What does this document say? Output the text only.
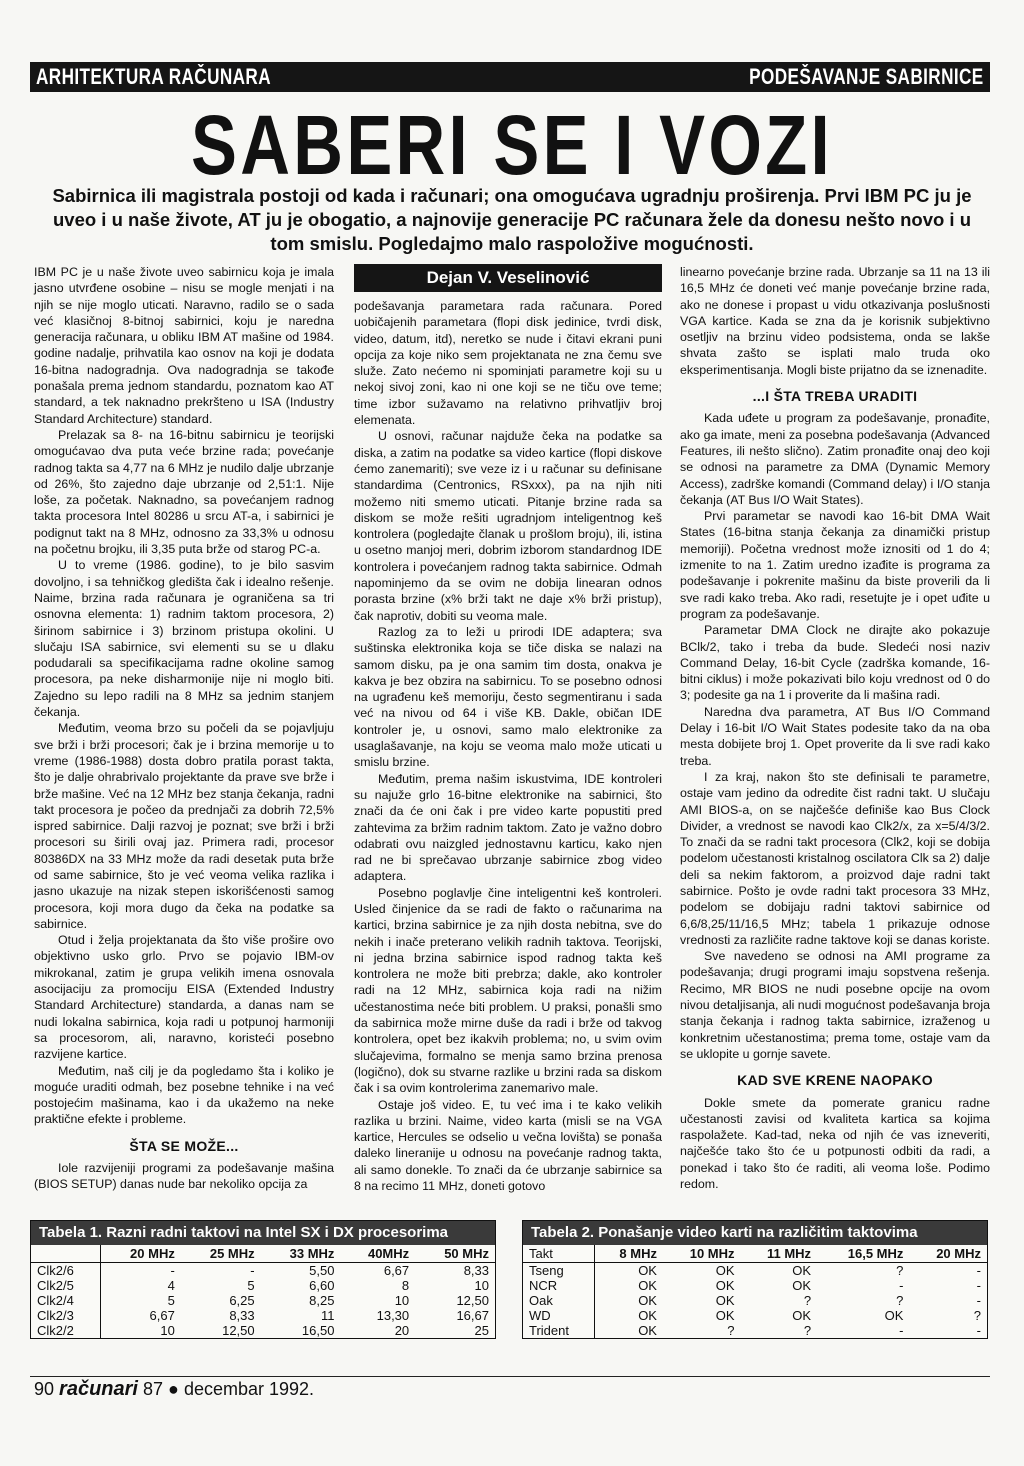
ARHITEKTURA RAČUNARA	PODEŠAVANJE SABIRNICE
SABERI SE I VOZI
Sabirnica ili magistrala postoji od kada i računari; ona omogućava ugradnju proširenja. Prvi IBM PC ju je uveo i u naše živote, AT ju je obogatio, a najnovije generacije PC računara žele da donesu nešto novo i u tom smislu. Pogledajmo malo raspoložive mogućnosti.

IBM PC je u naše živote uveo sabirnicu koja je imala jasno utvrđene osobine – nisu se mogle menjati i na njih se nije moglo uticati. Naravno, radilo se o sada već klasičnoj 8-bitnoj sabirnici, koju je naredna generacija računara, u obliku IBM AT mašine od 1984. godine nadalje, prihvatila kao osnov na koji je dodata 16-bitna nadogradnja. Ova nadogradnja se takođe ponašala prema jednom standardu, poznatom kao AT standard, a tek naknadno prekršteno u ISA (Industry Standard Architecture) standard.

Prelazak sa 8- na 16-bitnu sabirnicu je teorijski omogućavao dva puta veće brzine rada; povećanje radnog takta sa 4,77 na 6 MHz je nudilo dalje ubrzanje od 26%, što zajedno daje ubrzanje od 2,51:1. Nije loše, za početak. Naknadno, sa povećanjem radnog takta procesora Intel 80286 u srcu AT-a, i sabirnici je podignut takt na 8 MHz, odnosno za 33,3% u odnosu na početnu brojku, ili 3,35 puta brže od starog PC-a.

U to vreme (1986. godine), to je bilo sasvim dovoljno, i sa tehničkog gledišta čak i idealno rešenje. Naime, brzina rada računara je ograničena sa tri osnovna elementa: 1) radnim taktom procesora, 2) širinom sabirnice i 3) brzinom pristupa okolini. U slučaju ISA sabirnice, svi elementi su se u dlaku podudarali sa specifikacijama radne okoline samog procesora, pa neke disharmonije nije ni moglo biti. Zajedno su lepo radili na 8 MHz sa jednim stanjem čekanja.

Međutim, veoma brzo su počeli da se pojavljuju sve brži i brži procesori; čak je i brzina memorije u to vreme (1986-1988) dosta dobro pratila porast takta, što je dalje ohrabrivalo projektante da prave sve brže i brže mašine. Već na 12 MHz bez stanja čekanja, radni takt procesora je počeo da prednjači za dobrih 72,5% ispred sabirnice. Dalji razvoj je poznat; sve brži i brži procesori su širili ovaj jaz. Primera radi, procesor 80386DX na 33 MHz može da radi desetak puta brže od same sabirnice, što je već veoma velika razlika i jasno ukazuje na nizak stepen iskorišćenosti samog procesora, koji mora dugo da čeka na podatke sa sabirnice.

Otud i želja projektanata da što više proširе ovo objektivno usko grlo. Prvo se pojavio IBM-ov mikrokanal, zatim je grupa velikih imena osnovala asocijaciju za promociju EISA (Extended Industry Standard Architecture) standarda, a danas nam se nudi lokalna sabirnica, koja radi u potpunoj harmoniji sa procesorom, ali, naravno, koristeći posebno razvijene kartice.

Međutim, naš cilj je da pogledamo šta i koliko je moguće uraditi odmah, bez posebne tehnike i na već postojećim mašinama, kao i da ukažemo na neke praktične efekte i probleme.

ŠTA SE MOŽE...

Iole razvijeniji programi za podešavanje mašina (BIOS SETUP) danas nude bar nekoliko opcija za

Dejan V. Veselinović

podešavanja parametara rada računara. Pored uobičajenih parametara (flopi disk jedinice, tvrdi disk, video, datum, itd), neretko se nude i čitavi ekrani puni opcija za koje niko sem projektanata ne zna čemu sve služe. Zato nećemo ni spominjati parametre koji su u nekoj sivoj zoni, kao ni one koji se ne tiču ove teme; time izbor sužavamo na relativno prihvatljiv broj elemenata.

U osnovi, računar najduže čeka na podatke sa diska, a zatim na podatke sa video kartice (flopi diskove ćemo zanemariti); sve veze iz i u računar su definisane standardima (Centronics, RSxxx), pa na njih niti možemo niti smemo uticati. Pitanje brzine rada sa diskom se može rešiti ugradnjom inteligentnog keš kontrolera (pogledajte članak u prošlom broju), ili, istina u osetno manjoj meri, dobrim izborom standardnog IDE kontrolera i povećanjem radnog takta sabirnice. Odmah napominjemo da se ovim ne dobija linearan odnos porasta brzine (x% brži takt ne daje x% brži pristup), čak naprotiv, dobiti su veoma male.

Razlog za to leži u prirodi IDE adaptera; sva suštinska elektronika koja se tiče diska se nalazi na samom disku, pa je ona samim tim dosta, onakva je kakva je bez obzira na sabirnicu. To se posebno odnosi na ugrađenu keš memoriju, često segmentiranu i sada već na nivou od 64 i više KB. Dakle, običan IDE kontroler je, u osnovi, samo malo elektronike za usaglašavanje, na koju se veoma malo može uticati u smislu brzine.

Međutim, prema našim iskustvima, IDE kontroleri su najuže grlo 16-bitne elektronike na sabirnici, što znači da će oni čak i pre video karte popustiti pred zahtevima za bržim radnim taktom. Zato je važno dobro odabrati ovu naizgled jednostavnu karticu, kako njen rad ne bi sprečavao ubrzanje sabirnice zbog video adaptera.

Posebno poglavlje čine inteligentni keš kontroleri. Usled činjenice da se radi de fakto o računarima na kartici, brzina sabirnice je za njih dosta nebitna, sve do nekih i inače preterano velikih radnih taktova. Teorijski, ni jedna brzina sabirnice ispod radnog takta keš kontrolera ne može biti prebrza; dakle, ako kontroler radi na 12 MHz, sabirnica koja radi na nižim učestanostima neće biti problem. U praksi, ponašli smo da sabirnica može mirne duše da radi i brže od takvog kontrolera, opet bez ikakvih problema; no, u svim ovim slučajevima, formalno se menja samo brzina prenosa (logično), dok su stvarne razlike u brzini rada sa diskom čak i sa ovim kontrolerima zanemarivo male.

Ostaje još video. E, tu već ima i te kako velikih razlika u brzini. Naime, video karta (misli se na VGA kartice, Hercules se odselio u večna lovišta) se ponaša daleko lineranije u odnosu na povećanje radnog takta, ali samo donekle. To znači da će ubrzanje sabirnice sa 8 na recimo 11 MHz, doneti gotovo

linearno povećanje brzine rada. Ubrzanje sa 11 na 13 ili 16,5 MHz će doneti već manje povećanje brzine rada, ako ne donese i propast u vidu otkazivanja poslušnosti VGA kartice. Kada se zna da je korisnik subjektivno osetljiv na brzinu video podsistema, onda se lakše shvata zašto se isplati malo truda oko eksperimentisanja. Mogli biste prijatno da se iznenadite.

...I ŠTA TREBA URADITI

Kada uđete u program za podešavanje, pronađite, ako ga imate, meni za posebna podešavanja (Advanced Features, ili nešto slično). Zatim pronađite onaj deo koji se odnosi na parametre za DMA (Dynamic Memory Access), zadrške komandi (Command delay) i I/O stanja čekanja (AT Bus I/O Wait States).

Prvi parametar se navodi kao 16-bit DMA Wait States (16-bitna stanja čekanja za dinamički pristup memoriji). Početna vrednost može iznositi od 1 do 4; izmenite to na 1. Zatim uredno izađite is programa za podešavanje i pokrenite mašinu da biste proverili da li sve radi kako treba. Ako radi, resetujte je i opet uđite u program za podešavanje.

Parametar DMA Clock ne dirajte ako pokazuje BClk/2, tako i treba da bude. Sledeći nosi naziv Command Delay, 16-bit Cycle (zadrška komande, 16-bitni ciklus) i može pokazivati bilo koju vrednost od 0 do 3; podesite ga na 1 i proverite da li mašina radi.

Naredna dva parametra, AT Bus I/O Command Delay i 16-bit I/O Wait States podesite tako da na oba mesta dobijete broj 1. Opet proverite da li sve radi kako treba.

I za kraj, nakon što ste definisali te parametre, ostaje vam jedino da odredite čist radni takt. U slučaju AMI BIOS-a, on se najčešće definiše kao Bus Clock Divider, a vrednost se navodi kao Clk2/x, za x=5/4/3/2. To znači da se radni takt procesora (Clk2, koji se dobija podelom učestanosti kristalnog oscilatora Clk sa 2) dalje deli sa nekim faktorom, a proizvod daje radni takt sabirnice. Pošto je ovde radni takt procesora 33 MHz, podelom se dobijaju radni taktovi sabirnice od 6,6/8,25/11/16,5 MHz; tabela 1 prikazuje odnose vrednosti za različite radne taktove koji se danas koriste.

Sve navedeno se odnosi na AMI programe za podešavanja; drugi programi imaju sopstvena rešenja. Recimo, MR BIOS ne nudi posebne opcije na ovom nivou detaljisanja, ali nudi mogućnost podešavanja broja stanja čekanja i radnog takta sabirnice, izraženog u konkretnim učestanostima; prema tome, ostaje vam da se uklopite u gornje savete.

KAD SVE KRENE NAOPAKO

Dokle smete da pomerate granicu radne učestanosti zavisi od kvaliteta kartica sa kojima raspolažete. Kad-tad, neka od njih će vas izneveriti, najčešće tako što će u potpunosti odbiti da radi, a ponekad i tako što će raditi, ali veoma loše. Podimo redom.

Tabela 1. Razni radni taktovi na Intel SX i DX procesorima
	20 MHz	25 MHz	33 MHz	40MHz	50 MHz
Clk2/6	-	-	5,50	6,67	8,33
Clk2/5	4	5	6,60	8	10
Clk2/4	5	6,25	8,25	10	12,50
Clk2/3	6,67	8,33	11	13,30	16,67
Clk2/2	10	12,50	16,50	20	25
Tabela 2. Ponašanje video karti na različitim taktovima
Takt	8 MHz	10 MHz	11 MHz	16,5 MHz	20 MHz
Tseng	OK	OK	OK	?	-
NCR	OK	OK	OK	-	-
Oak	OK	OK	?	?	-
WD	OK	OK	OK	OK	?
Trident	OK	?	?	-	-
90 računari 87 ● decembar 1992.
